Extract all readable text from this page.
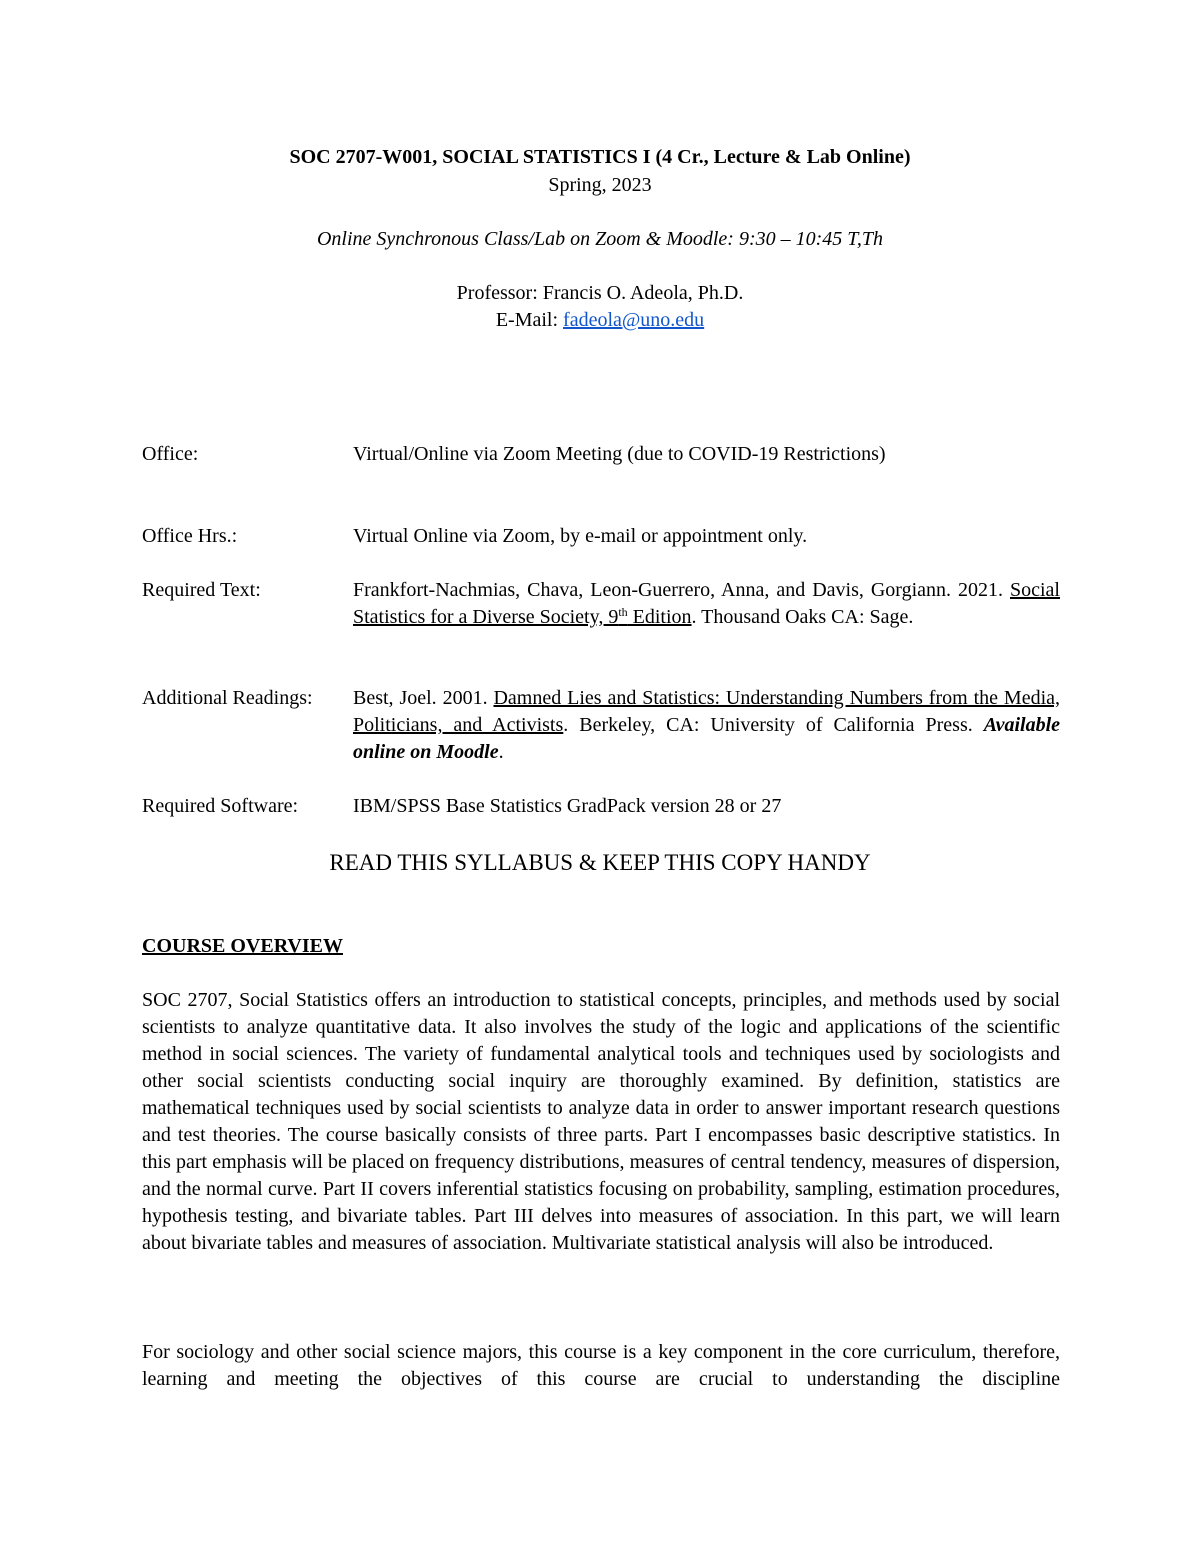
SOC 2707-W001, SOCIAL STATISTICS I (4 Cr., Lecture & Lab Online)
Spring, 2023
Online Synchronous Class/Lab on Zoom & Moodle: 9:30 – 10:45 T,Th
Professor: Francis O. Adeola, Ph.D.
E-Mail: fadeola@uno.edu
Office:	Virtual/Online via Zoom Meeting (due to COVID-19 Restrictions)
Office Hrs.:	Virtual Online via Zoom, by e-mail or appointment only.
Required Text:	Frankfort-Nachmias, Chava, Leon-Guerrero, Anna, and Davis, Gorgiann. 2021. Social Statistics for a Diverse Society, 9th Edition. Thousand Oaks CA: Sage.
Additional Readings:	Best, Joel. 2001. Damned Lies and Statistics: Understanding Numbers from the Media, Politicians, and Activists. Berkeley, CA: University of California Press. Available online on Moodle.
Required Software:	IBM/SPSS Base Statistics GradPack version 28 or 27
READ THIS SYLLABUS & KEEP THIS COPY HANDY
COURSE OVERVIEW
SOC 2707, Social Statistics offers an introduction to statistical concepts, principles, and methods used by social scientists to analyze quantitative data. It also involves the study of the logic and applications of the scientific method in social sciences. The variety of fundamental analytical tools and techniques used by sociologists and other social scientists conducting social inquiry are thoroughly examined. By definition, statistics are mathematical techniques used by social scientists to analyze data in order to answer important research questions and test theories. The course basically consists of three parts. Part I encompasses basic descriptive statistics. In this part emphasis will be placed on frequency distributions, measures of central tendency, measures of dispersion, and the normal curve. Part II covers inferential statistics focusing on probability, sampling, estimation procedures, hypothesis testing, and bivariate tables. Part III delves into measures of association. In this part, we will learn about bivariate tables and measures of association. Multivariate statistical analysis will also be introduced.
For sociology and other social science majors, this course is a key component in the core curriculum, therefore, learning and meeting the objectives of this course are crucial to understanding the discipline
